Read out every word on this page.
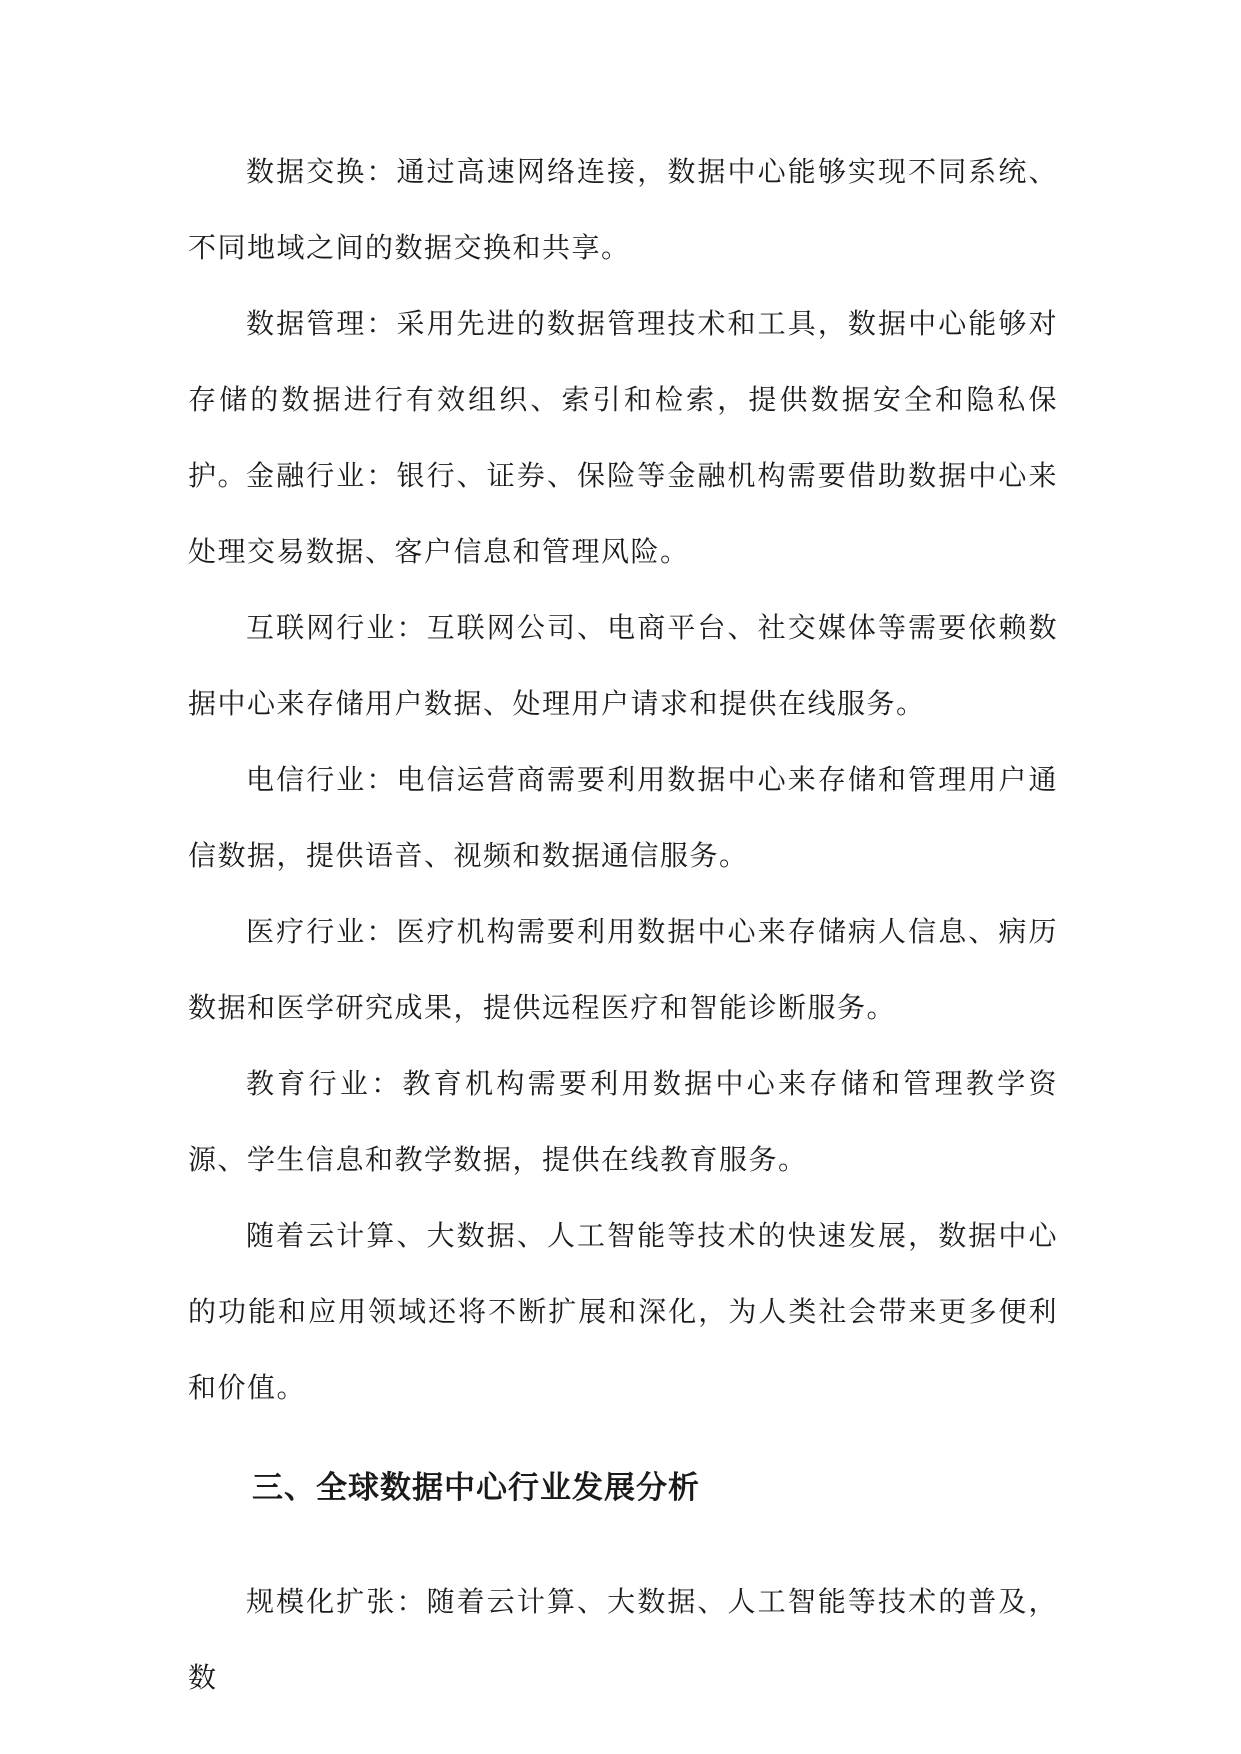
数据交换：通过高速网络连接，数据中心能够实现不同系统、不同地域之间的数据交换和共享。

数据管理：采用先进的数据管理技术和工具，数据中心能够对存储的数据进行有效组织、索引和检索，提供数据安全和隐私保护。

金融行业：银行、证券、保险等金融机构需要借助数据中心来处理交易数据、客户信息和管理风险。

互联网行业：互联网公司、电商平台、社交媒体等需要依赖数据中心来存储用户数据、处理用户请求和提供在线服务。

电信行业：电信运营商需要利用数据中心来存储和管理用户通信数据，提供语音、视频和数据通信服务。

医疗行业：医疗机构需要利用数据中心来存储病人信息、病历数据和医学研究成果，提供远程医疗和智能诊断服务。

教育行业：教育机构需要利用数据中心来存储和管理教学资源、学生信息和教学数据，提供在线教育服务。

随着云计算、大数据、人工智能等技术的快速发展，数据中心的功能和应用领域还将不断扩展和深化，为人类社会带来更多便利和价值。

三、全球数据中心行业发展分析

规模化扩张：随着云计算、大数据、人工智能等技术的普及，数
